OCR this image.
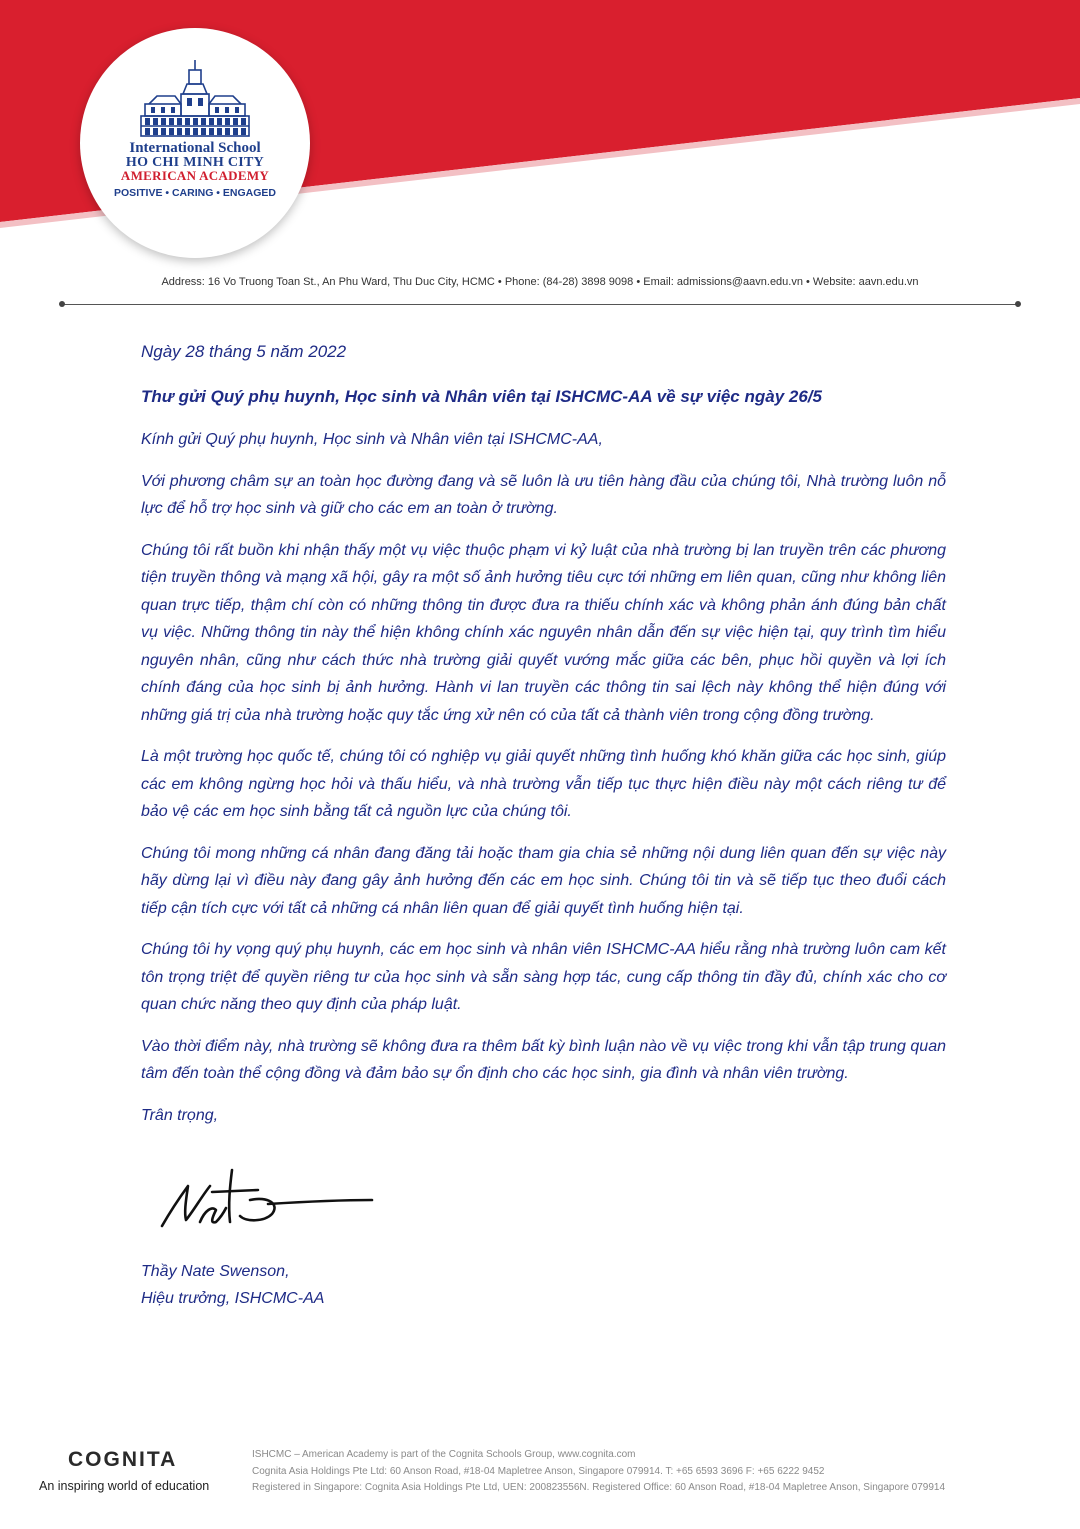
International School
HO CHI MINH CITY
AMERICAN ACADEMY
POSITIVE • CARING • ENGAGED
Address: 16 Vo Truong Toan St., An Phu Ward, Thu Duc City, HCMC • Phone: (84-28) 3898 9098 • Email: admissions@aavn.edu.vn • Website: aavn.edu.vn

Ngày 28 tháng 5 năm 2022

Thư gửi Quý phụ huynh, Học sinh và Nhân viên tại ISHCMC-AA về sự việc ngày 26/5

Kính gửi Quý phụ huynh, Học sinh và Nhân viên tại ISHCMC-AA,

Với phương châm sự an toàn học đường đang và sẽ luôn là ưu tiên hàng đầu của chúng tôi, Nhà trường luôn nỗ lực để hỗ trợ học sinh và giữ cho các em an toàn ở trường.

Chúng tôi rất buồn khi nhận thấy một vụ việc thuộc phạm vi kỷ luật của nhà trường bị lan truyền trên các phương tiện truyền thông và mạng xã hội, gây ra một số ảnh hưởng tiêu cực tới những em liên quan, cũng như không liên quan trực tiếp, thậm chí còn có những thông tin được đưa ra thiếu chính xác và không phản ánh đúng bản chất vụ việc. Những thông tin này thể hiện không chính xác nguyên nhân dẫn đến sự việc hiện tại, quy trình tìm hiểu nguyên nhân, cũng như cách thức nhà trường giải quyết vướng mắc giữa các bên, phục hồi quyền và lợi ích chính đáng của học sinh bị ảnh hưởng. Hành vi lan truyền các thông tin sai lệch này không thể hiện đúng với những giá trị của nhà trường hoặc quy tắc ứng xử nên có của tất cả thành viên trong cộng đồng trường.

Là một trường học quốc tế, chúng tôi có nghiệp vụ giải quyết những tình huống khó khăn giữa các học sinh, giúp các em không ngừng học hỏi và thấu hiểu, và nhà trường vẫn tiếp tục thực hiện điều này một cách riêng tư để bảo vệ các em học sinh bằng tất cả nguồn lực của chúng tôi.

Chúng tôi mong những cá nhân đang đăng tải hoặc tham gia chia sẻ những nội dung liên quan đến sự việc này hãy dừng lại vì điều này đang gây ảnh hưởng đến các em học sinh. Chúng tôi tin và sẽ tiếp tục theo đuổi cách tiếp cận tích cực với tất cả những cá nhân liên quan để giải quyết tình huống hiện tại.

Chúng tôi hy vọng quý phụ huynh, các em học sinh và nhân viên ISHCMC-AA hiểu rằng nhà trường luôn cam kết tôn trọng triệt để quyền riêng tư của học sinh và sẵn sàng hợp tác, cung cấp thông tin đầy đủ, chính xác cho cơ quan chức năng theo quy định của pháp luật.

Vào thời điểm này, nhà trường sẽ không đưa ra thêm bất kỳ bình luận nào về vụ việc trong khi vẫn tập trung quan tâm đến toàn thể cộng đồng và đảm bảo sự ổn định cho các học sinh, gia đình và nhân viên trường.

Trân trọng,

Thầy Nate Swenson,
Hiệu trưởng, ISHCMC-AA
COGNITA
An inspiring world of education
ISHCMC – American Academy is part of the Cognita Schools Group, www.cognita.com
Cognita Asia Holdings Pte Ltd: 60 Anson Road, #18-04 Mapletree Anson, Singapore 079914. T: +65 6593 3696 F: +65 6222 9452
Registered in Singapore: Cognita Asia Holdings Pte Ltd, UEN: 200823556N. Registered Office: 60 Anson Road, #18-04 Mapletree Anson, Singapore 079914
